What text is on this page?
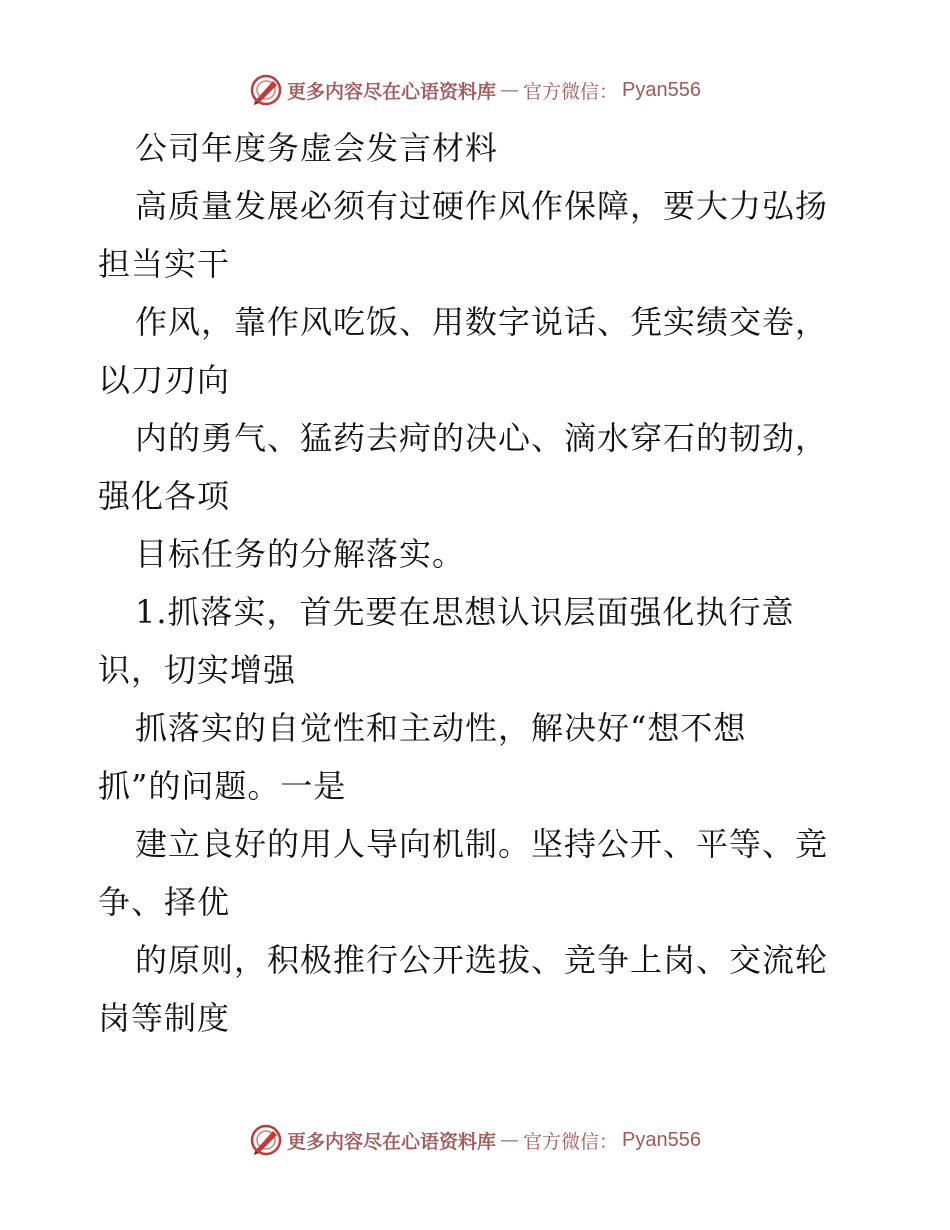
更多内容尽在心语资料库 — 官方微信： Pyan556
公司年度务虚会发言材料
高质量发展必须有过硬作风作保障，要大力弘扬
担当实干
作风，靠作风吃饭、用数字说话、凭实绩交卷，
以刀刃向
内的勇气、猛药去疴的决心、滴水穿石的韧劲，
强化各项
目标任务的分解落实。
1.抓落实，首先要在思想认识层面强化执行意
识，切实增强
抓落实的自觉性和主动性，解决好“想不想
抓”的问题。一是
建立良好的用人导向机制。坚持公开、平等、竞
争、择优
的原则，积极推行公开选拔、竞争上岗、交流轮
岗等制度
更多内容尽在心语资料库 — 官方微信： Pyan556
